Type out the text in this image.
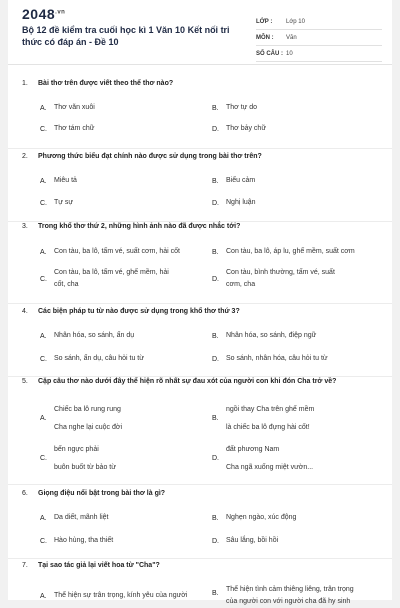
$2048^{.vn}$
Bộ 12 đề kiểm tra cuối học kì 1 Văn 10 Kết nối tri thức có đáp án - Đề 10
LỚP :	Lớp 10
MÔN :	Văn
SỐ CÂU : 10
1. Bài thơ trên được viết theo thể thơ nào?
A.	Thơ văn xuôi	B.	Thơ tự do
C.	Thơ tám chữ	D.	Thơ bảy chữ
2. Phương thức biểu đạt chính nào được sử dụng trong bài thơ trên?
A.	Miêu tả	B.	Biểu cảm
C.	Tự sự	D.	Nghị luận
3. Trong khổ thơ thứ 2, những hình ảnh nào đã được nhắc tới?
A.	Con tàu, ba lô, tấm vé, suất cơm, hải cốt	B.	Con tàu, ba lô, áp lu, ghế mềm, suất cơm
C.
Con tàu, ba lô, tấm vé, ghế mềm, hải cốt, cha
D.
Con tàu, bình thường, tấm vé, suất cơm, cha
4. Các biện pháp tu từ nào được sử dụng trong khổ thơ thứ 3?
A.	Nhân hóa, so sánh, ẩn dụ	B.	Nhân hóa, so sánh, điệp ngữ
C.	So sánh, ẩn dụ, câu hỏi tu từ	D.	So sánh, nhân hóa, câu hỏi tu từ
5. Cặp câu thơ nào dưới đây thể hiện rõ nhất sự đau xót của người con khi đón Cha trở về?
A.
Chiếc ba lô rung rung
Cha nghe lại cuộc đời
B.
ngồi thay Cha trên ghế mềm
là chiếc ba lô đựng hài cốt!
C.
bến ngực phải
buôn buốt từ bảo từ
D.
đất phương Nam
Cha ngã xuống miệt vườn...
6. Giọng điệu nổi bật trong bài thơ là gì?
A.	Da diết, mãnh liệt	B.	Nghẹn ngào, xúc động
C.	Hào hùng, tha thiết	D.	Sâu lắng, bồi hồi
7. Tại sao tác giả lại viết hoa từ "Cha"?
A.	Thể hiện sự trân trọng, kính yêu của người	B.
Thể hiện tình cảm thiêng liêng, trân trọng của người con với người cha đã hy sinh
